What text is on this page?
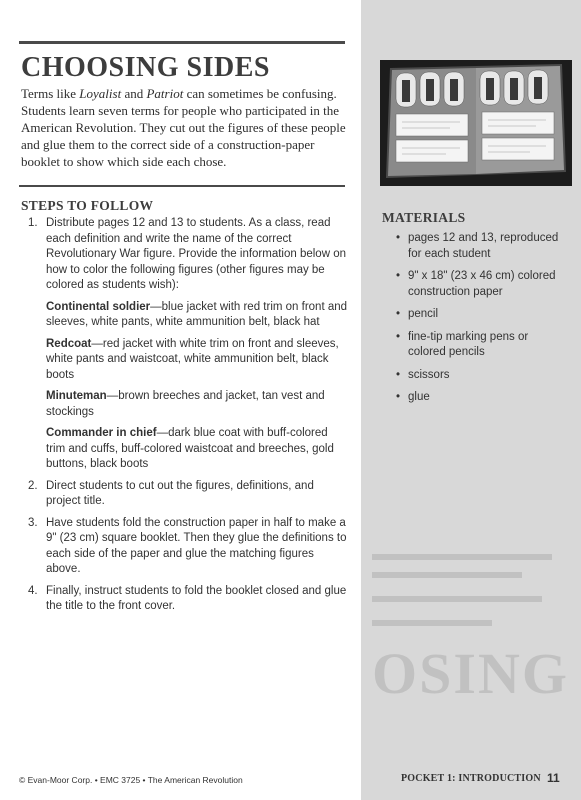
OSING
CHOOSING SIDES
Terms like Loyalist and Patriot can sometimes be confusing. Students learn seven terms for people who participated in the American Revolution. They cut out the figures of these people and glue them to the correct side of a construction-paper booklet to show which side each chose.
STEPS TO FOLLOW
1. Distribute pages 12 and 13 to students. As a class, read each definition and write the name of the correct Revolutionary War figure. Provide the information below on how to color the following figures (other figures may be colored as students wish):
Continental soldier—blue jacket with red trim on front and sleeves, white pants, white ammunition belt, black hat
Redcoat—red jacket with white trim on front and sleeves, white pants and waistcoat, white ammunition belt, black boots
Minuteman—brown breeches and jacket, tan vest and stockings
Commander in chief—dark blue coat with buff-colored trim and cuffs, buff-colored waistcoat and breeches, gold buttons, black boots
2. Direct students to cut out the figures, definitions, and project title.
3. Have students fold the construction paper in half to make a 9" (23 cm) square booklet. Then they glue the definitions to each side of the paper and glue the matching figures above.
4. Finally, instruct students to fold the booklet closed and glue the title to the front cover.
MATERIALS
• pages 12 and 13, reproduced for each student
• 9" x 18" (23 x 46 cm) colored construction paper
• pencil
• fine-tip marking pens or colored pencils
• scissors
• glue
© Evan-Moor Corp. • EMC 3725 • The American Revolution	POCKET 1: INTRODUCTION 11
